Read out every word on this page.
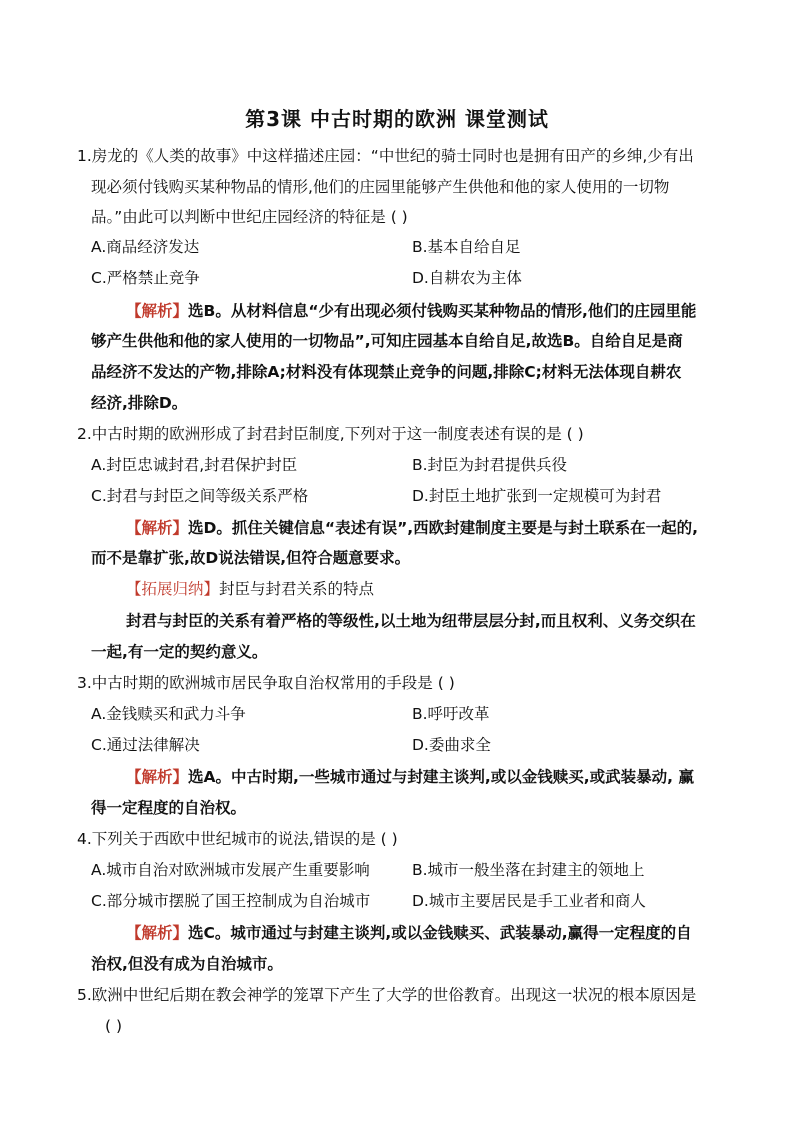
第3课 中古时期的欧洲 课堂测试
1.房龙的《人类的故事》中这样描述庄园：“中世纪的骑士同时也是拥有田产的乡绅,少有出
现必须付钱购买某种物品的情形,他们的庄园里能够产生供他和他的家人使用的一切物
品。”由此可以判断中世纪庄园经济的特征是 ( )
A.商品经济发达	B.基本自给自足
C.严格禁止竞争	D.自耕农为主体
【解析】选B。从材料信息“少有出现必须付钱购买某种物品的情形,他们的庄园里能
够产生供他和他的家人使用的一切物品”,可知庄园基本自给自足,故选B。自给自足是商
品经济不发达的产物,排除A;材料没有体现禁止竞争的问题,排除C;材料无法体现自耕农
经济,排除D。
2.中古时期的欧洲形成了封君封臣制度,下列对于这一制度表述有误的是 ( )
A.封臣忠诚封君,封君保护封臣	B.封臣为封君提供兵役
C.封君与封臣之间等级关系严格	D.封臣土地扩张到一定规模可为封君
【解析】选D。抓住关键信息“表述有误”,西欧封建制度主要是与封土联系在一起的,
而不是靠扩张,故D说法错误,但符合题意要求。
【拓展归纳】封臣与封君关系的特点
封君与封臣的关系有着严格的等级性,以土地为纽带层层分封,而且权利、义务交织在
一起,有一定的契约意义。
3.中古时期的欧洲城市居民争取自治权常用的手段是 ( )
A.金钱赎买和武力斗争	B.呼吁改革
C.通过法律解决	D.委曲求全
【解析】选A。中古时期,一些城市通过与封建主谈判,或以金钱赎买,或武装暴动, 赢
得一定程度的自治权。
4.下列关于西欧中世纪城市的说法,错误的是 ( )
A.城市自治对欧洲城市发展产生重要影响	B.城市一般坐落在封建主的领地上
C.部分城市摆脱了国王控制成为自治城市	D.城市主要居民是手工业者和商人
【解析】选C。城市通过与封建主谈判,或以金钱赎买、武装暴动,赢得一定程度的自
治权,但没有成为自治城市。
5.欧洲中世纪后期在教会神学的笼罩下产生了大学的世俗教育。出现这一状况的根本原因是
( )
